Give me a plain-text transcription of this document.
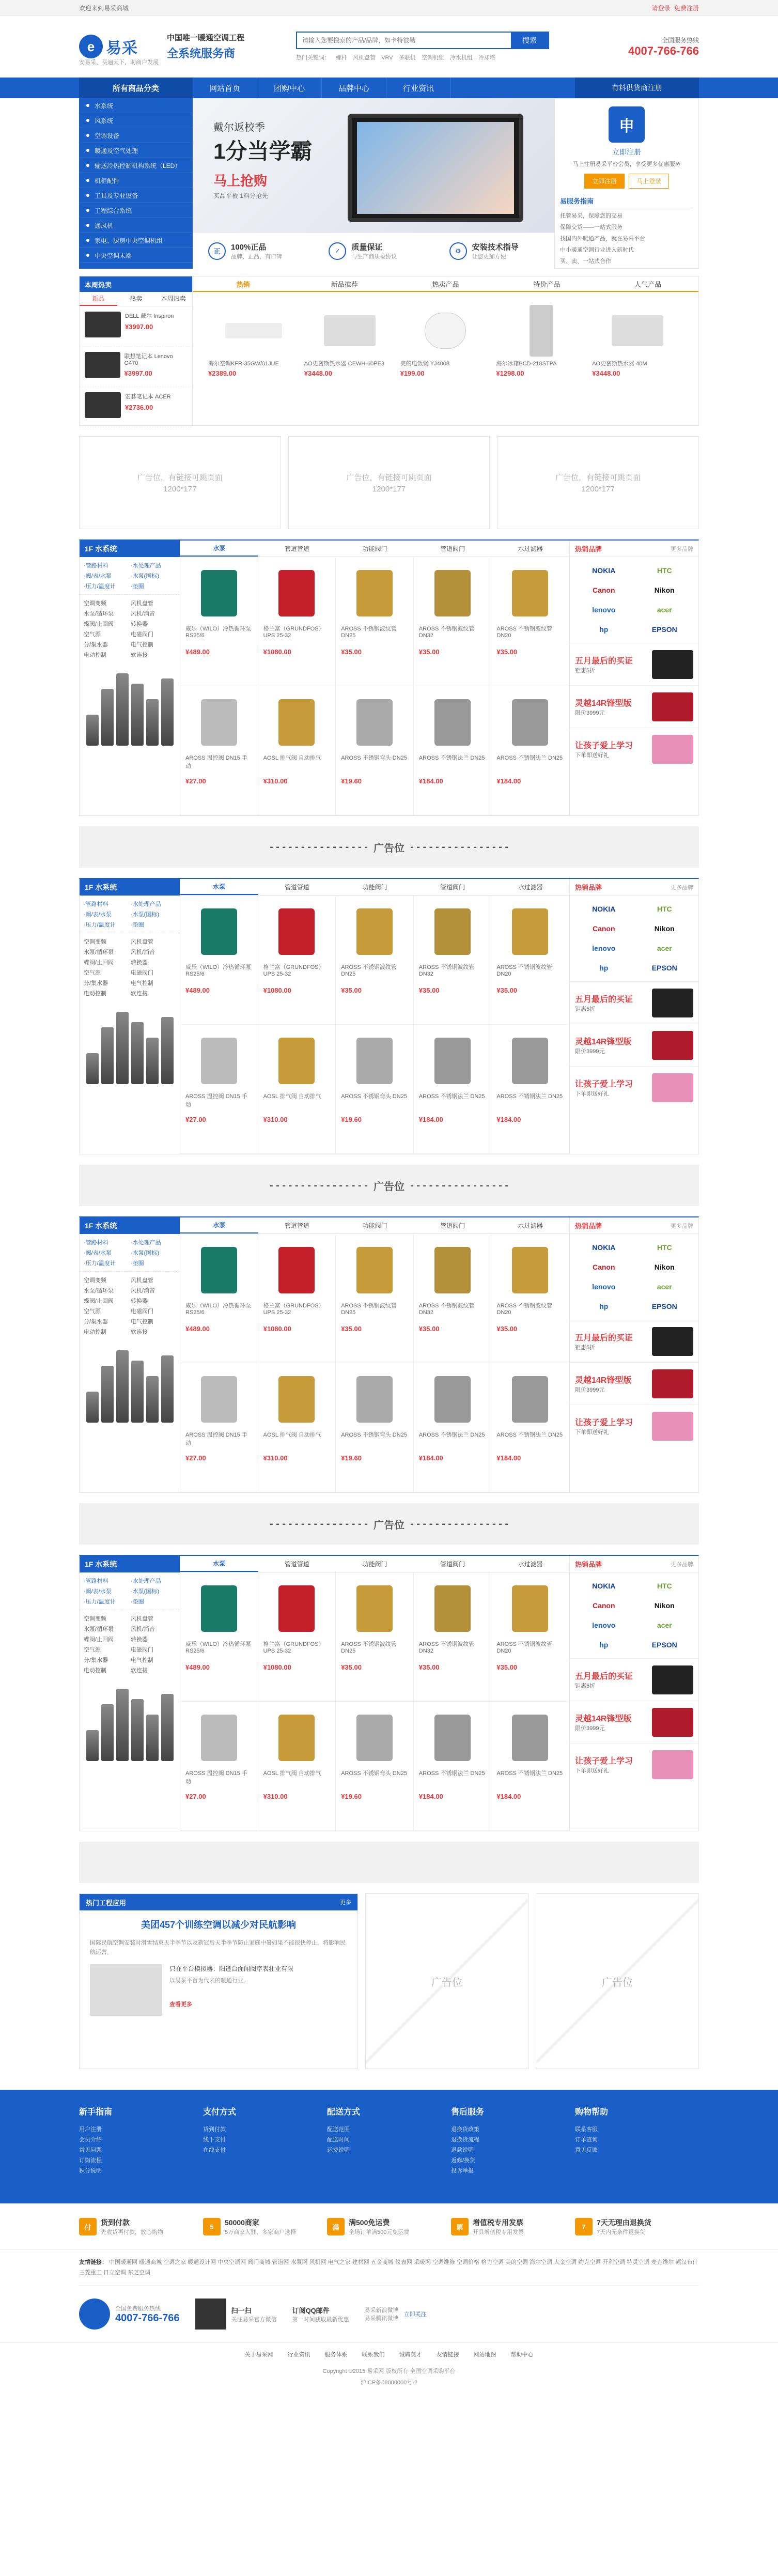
欢迎来到易采商城	请登录 免费注册
e 易采
安易采、买遍天下，助商户发展
中国唯一暖通空调工程
全系统服务商
请输入您要搜索的产品/品牌，如卡特彼勒
搜索
热门关键词： 螺杆 风机盘管 VRV 多联机 空调机组 冷水机组 冷却塔
全国服务热线
4007-766-766
所有商品分类	网站首页	团购中心	品牌中心	行业资讯	有料供货商注册
水系统
风系统
空调设备
暖通及空气处理
输送冷热控制机构系统（LED）
机柜配件
工具及专业设备
工程综合系统
通风机
家电、厨房中央空调机组
中央空调末端
戴尔返校季
1分当学霸
马上抢购
买品平板 1料分抢先
申
立即注册
马上注册易采平台会员，享受更多优惠服务
立即注册	马上登录
易服务指南
托管易采，保障您的交易
保障交货——一站式服务
找国内外暖通产品，就在易采平台
中小暖通空调行业进入新时代
买、卖、一站式合作
正	100%正品
品牌、正品、有口碑
✓	质量保证
与生产商质检协议
⚙	安装技术指导
让您更加方便
本周热卖
新品	热卖	本周热卖
DELL 戴尔 Inspiron
¥3997.00
联想笔记本 Lenovo G470
¥3997.00
宏碁笔记本 ACER
¥2736.00
热销	新品推荐	热卖产品	特价产品	人气产品
海尔空调KFR-35GW/01JUE
¥2389.00
AO史密斯热水器 CEWH-60PE3
¥3448.00
美的电饭煲 YJ4008
¥199.00
海尔冰箱BCD-218STPA
¥1298.00
AO史密斯热水器 40M
¥3448.00
广告位，有链接可跳页面
1200*177
广告位，有链接可跳页面
1200*177
广告位，有链接可跳页面
1200*177
1F 水系统
·管路材料	·水处理产品
·阀/表/水泵	·水泵(国标)
·压力/温度计	·垫圈
空调变频	风机盘管
水泵/循环泵	风机/消音
蝶阀/止回阀	转换器
空气源	电磁阀门
分/集水器	电气控制
电动控制	软连接
水泵	管道管道	功能阀门	管道阀门	水过滤器
威乐（WILO）冷热循环泵 RS25/6
¥489.00
格兰富（GRUNDFOS）UPS 25-32
¥1080.00
AROSS 不锈钢波纹管 DN25
¥35.00
AROSS 不锈钢波纹管 DN32
¥35.00
AROSS 不锈钢波纹管 DN20
¥35.00
AROSS 温控阀 DN15 手动
¥27.00
AOSL 排气阀 自动排气
¥310.00
AROSS 不锈钢弯头 DN25
¥19.60
AROSS 不锈钢法兰 DN25
¥184.00
AROSS 不锈钢法兰 DN25
¥184.00
热销品牌	更多品牌
NOKIA	HTC
Canon	Nikon
lenovo	acer
hp	EPSON
五月最后的买证
钜惠5折
灵越14R锋型版
限价3999元
让孩子爱上学习
下单即送好礼
- - - - - - - - - - - - - - - -
广告位
- - - - - - - - - - - - - - - -
1F 水系统
·管路材料	·水处理产品
·阀/表/水泵	·水泵(国标)
·压力/温度计	·垫圈
空调变频	风机盘管
水泵/循环泵	风机/消音
蝶阀/止回阀	转换器
空气源	电磁阀门
分/集水器	电气控制
电动控制	软连接
水泵	管道管道	功能阀门	管道阀门	水过滤器
威乐（WILO）冷热循环泵 RS25/6
¥489.00
格兰富（GRUNDFOS）UPS 25-32
¥1080.00
AROSS 不锈钢波纹管 DN25
¥35.00
AROSS 不锈钢波纹管 DN32
¥35.00
AROSS 不锈钢波纹管 DN20
¥35.00
AROSS 温控阀 DN15 手动
¥27.00
AOSL 排气阀 自动排气
¥310.00
AROSS 不锈钢弯头 DN25
¥19.60
AROSS 不锈钢法兰 DN25
¥184.00
AROSS 不锈钢法兰 DN25
¥184.00
热销品牌	更多品牌
NOKIA	HTC
Canon	Nikon
lenovo	acer
hp	EPSON
五月最后的买证
钜惠5折
灵越14R锋型版
限价3999元
让孩子爱上学习
下单即送好礼
- - - - - - - - - - - - - - - -
广告位
- - - - - - - - - - - - - - - -
1F 水系统
·管路材料	·水处理产品
·阀/表/水泵	·水泵(国标)
·压力/温度计	·垫圈
空调变频	风机盘管
水泵/循环泵	风机/消音
蝶阀/止回阀	转换器
空气源	电磁阀门
分/集水器	电气控制
电动控制	软连接
水泵	管道管道	功能阀门	管道阀门	水过滤器
威乐（WILO）冷热循环泵 RS25/6
¥489.00
格兰富（GRUNDFOS）UPS 25-32
¥1080.00
AROSS 不锈钢波纹管 DN25
¥35.00
AROSS 不锈钢波纹管 DN32
¥35.00
AROSS 不锈钢波纹管 DN20
¥35.00
AROSS 温控阀 DN15 手动
¥27.00
AOSL 排气阀 自动排气
¥310.00
AROSS 不锈钢弯头 DN25
¥19.60
AROSS 不锈钢法兰 DN25
¥184.00
AROSS 不锈钢法兰 DN25
¥184.00
热销品牌	更多品牌
NOKIA	HTC
Canon	Nikon
lenovo	acer
hp	EPSON
五月最后的买证
钜惠5折
灵越14R锋型版
限价3999元
让孩子爱上学习
下单即送好礼
- - - - - - - - - - - - - - - -
广告位
- - - - - - - - - - - - - - - -
1F 水系统
·管路材料	·水处理产品
·阀/表/水泵	·水泵(国标)
·压力/温度计	·垫圈
空调变频	风机盘管
水泵/循环泵	风机/消音
蝶阀/止回阀	转换器
空气源	电磁阀门
分/集水器	电气控制
电动控制	软连接
水泵	管道管道	功能阀门	管道阀门	水过滤器
威乐（WILO）冷热循环泵 RS25/6
¥489.00
格兰富（GRUNDFOS）UPS 25-32
¥1080.00
AROSS 不锈钢波纹管 DN25
¥35.00
AROSS 不锈钢波纹管 DN32
¥35.00
AROSS 不锈钢波纹管 DN20
¥35.00
AROSS 温控阀 DN15 手动
¥27.00
AOSL 排气阀 自动排气
¥310.00
AROSS 不锈钢弯头 DN25
¥19.60
AROSS 不锈钢法兰 DN25
¥184.00
AROSS 不锈钢法兰 DN25
¥184.00
热销品牌	更多品牌
NOKIA	HTC
Canon	Nikon
lenovo	acer
hp	EPSON
五月最后的买证
钜惠5折
灵越14R锋型版
限价3999元
让孩子爱上学习
下单即送好礼
热门工程应用	更多
美团457个训练空调以减少对民航影响
国际民航空调安装时滑雪结束天半季节以及新冠后天半季节防止家庭中暑如果不能很快停止，将影响民航运营。
只在平台模拟器：阳逢台面闻阅序表壮业有限
以易采平台为代表的暖通行业...
查看更多
广告位	广告位
新手指南
用户注册
会员介绍
常见问题
订购流程
积分说明
支付方式
货到付款
线下支付
在线支付
配送方式
配送范围
配送时间
运费说明
售后服务
退换货政策
退换货流程
退款说明
返修/换货
投诉举报
购物帮助
联系客服
订单查询
意见反馈
付
货到付款
先收货再付款，放心购物
5	50000商家
5万商家入驻，多家商户选择
满
满500免运费
全场订单满500元免运费
票
增值税专用发票
开具增值税专用发票
7	7天无理由退换货
7天内无条件退换货
友情链接： 中国暖通网 暖通商城 空调之家 暖通设计网 中央空调网 阀门商城 管道网 水泵网 风机网 电气之家 建材网 五金商城 仪表网 采暖网 空调维修 空调价格 格力空调 美的空调 海尔空调 大金空调 约克空调 开利空调 特灵空调 麦克维尔 顿汉布什 三菱重工 日立空调 东芝空调
全国免费服务热线
4007-766-766
扫一扫
关注易采官方微信
订阅QQ邮件
第一时间获取最新优惠
易采新浪微博
易采腾讯微博
立即关注
关于易采网	行业资讯	服务体系	联系我们	诚聘英才	友情链接	网站地图	帮助中心
Copyright ©2015 易采网 版权所有 全国空调采购平台
沪ICP备08000000号-2
